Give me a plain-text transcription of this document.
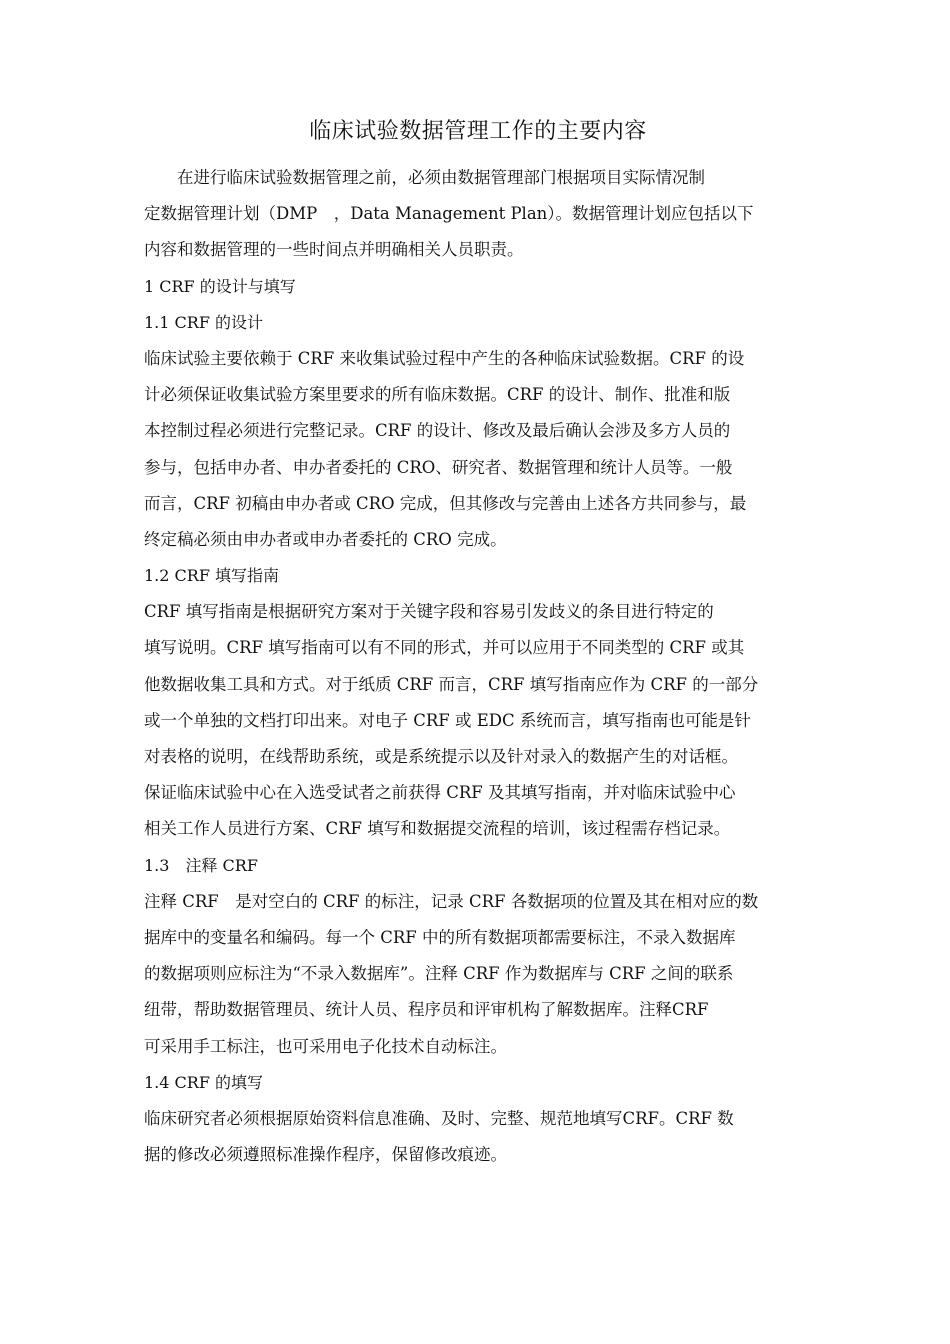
临床试验数据管理工作的主要内容
　　在进行临床试验数据管理之前，必须由数据管理部门根据项目实际情况制
定数据管理计划（DMP　，Data Management Plan）。数据管理计划应包括以下
内容和数据管理的一些时间点并明确相关人员职责。
1 CRF 的设计与填写
1.1 CRF 的设计
临床试验主要依赖于 CRF 来收集试验过程中产生的各种临床试验数据。CRF 的设
计必须保证收集试验方案里要求的所有临床数据。CRF 的设计、制作、批准和版
本控制过程必须进行完整记录。CRF 的设计、修改及最后确认会涉及多方人员的
参与，包括申办者、申办者委托的 CRO、研究者、数据管理和统计人员等。一般
而言，CRF 初稿由申办者或 CRO 完成，但其修改与完善由上述各方共同参与，最
终定稿必须由申办者或申办者委托的 CRO 完成。
1.2 CRF 填写指南
CRF 填写指南是根据研究方案对于关键字段和容易引发歧义的条目进行特定的
填写说明。CRF 填写指南可以有不同的形式，并可以应用于不同类型的 CRF 或其
他数据收集工具和方式。对于纸质 CRF 而言，CRF 填写指南应作为 CRF 的一部分
或一个单独的文档打印出来。对电子 CRF 或 EDC 系统而言，填写指南也可能是针
对表格的说明，在线帮助系统，或是系统提示以及针对录入的数据产生的对话框。
保证临床试验中心在入选受试者之前获得 CRF 及其填写指南，并对临床试验中心
相关工作人员进行方案、CRF 填写和数据提交流程的培训，该过程需存档记录。
1.3　注释 CRF
注释 CRF　是对空白的 CRF 的标注，记录 CRF 各数据项的位置及其在相对应的数
据库中的变量名和编码。每一个 CRF 中的所有数据项都需要标注，不录入数据库
的数据项则应标注为“不录入数据库”。注释 CRF 作为数据库与 CRF 之间的联系
纽带，帮助数据管理员、统计人员、程序员和评审机构了解数据库。注释CRF
可采用手工标注，也可采用电子化技术自动标注。
1.4 CRF 的填写
临床研究者必须根据原始资料信息准确、及时、完整、规范地填写CRF。CRF 数
据的修改必须遵照标准操作程序，保留修改痕迹。
